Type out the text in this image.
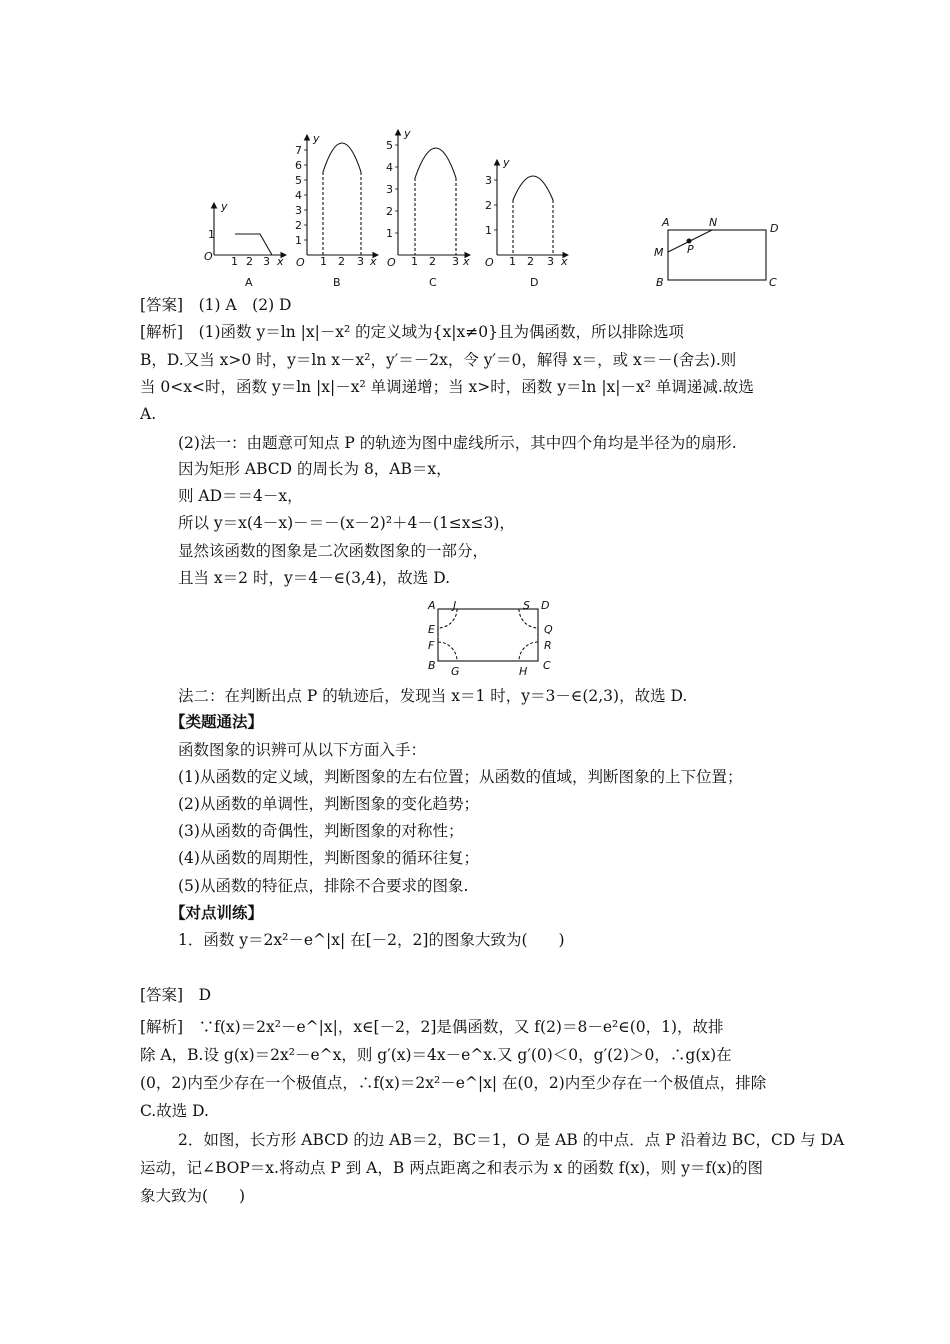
y
1
O 1 2 3 x
A
y
1
2
3
4
5
6
7
O 1 2 3 x
B
y
1
2
3
4
5
O 1 2 3 x
C
y
1
2
3
O 1 2 3 x
D
A	N	D
M P
B	C
[答案]　(1) A　(2) D
[解析]　(1)函数 y＝ln |x|－x² 的定义域为{x|x≠0}且为偶函数，所以排除选项
B，D.又当 x>0 时，y＝ln x－x²，y′＝－2x，令 y′＝0，解得 x＝，或 x＝－(舍去).则
当 0<x<时，函数 y＝ln |x|－x² 单调递增；当 x>时，函数 y＝ln |x|－x² 单调递减.故选
A.
(2)法一：由题意可知点 P 的轨迹为图中虚线所示，其中四个角均是半径为的扇形.
因为矩形 ABCD 的周长为 8，AB＝x，
则 AD＝＝4－x，
所以 y＝x(4－x)－＝－(x－2)²＋4－(1≤x≤3)，
显然该函数的图象是二次函数图象的一部分，
且当 x＝2 时，y＝4－∈(3,4)，故选 D.
A J	S D
E	Q
F	R
B G	H C
法二：在判断出点 P 的轨迹后，发现当 x＝1 时，y＝3－∈(2,3)，故选 D.
【类题通法】
函数图象的识辨可从以下方面入手：
(1)从函数的定义域，判断图象的左右位置；从函数的值域，判断图象的上下位置；
(2)从函数的单调性，判断图象的变化趋势；
(3)从函数的奇偶性，判断图象的对称性；
(4)从函数的周期性，判断图象的循环往复；
(5)从函数的特征点，排除不合要求的图象.
【对点训练】
1．函数 y＝2x²－e^|x| 在[－2，2]的图象大致为(　　)
[答案]　D
[解析]　∵f(x)＝2x²－e^|x|，x∈[－2，2]是偶函数，又 f(2)＝8－e²∈(0，1)，故排
除 A，B.设 g(x)＝2x²－e^x，则 g′(x)＝4x－e^x.又 g′(0)＜0，g′(2)＞0，∴g(x)在
(0，2)内至少存在一个极值点，∴f(x)＝2x²－e^|x| 在(0，2)内至少存在一个极值点，排除
C.故选 D.
2．如图，长方形 ABCD 的边 AB＝2，BC＝1，O 是 AB 的中点．点 P 沿着边 BC，CD 与 DA
运动，记∠BOP＝x.将动点 P 到 A，B 两点距离之和表示为 x 的函数 f(x)，则 y＝f(x)的图
象大致为(　　)
